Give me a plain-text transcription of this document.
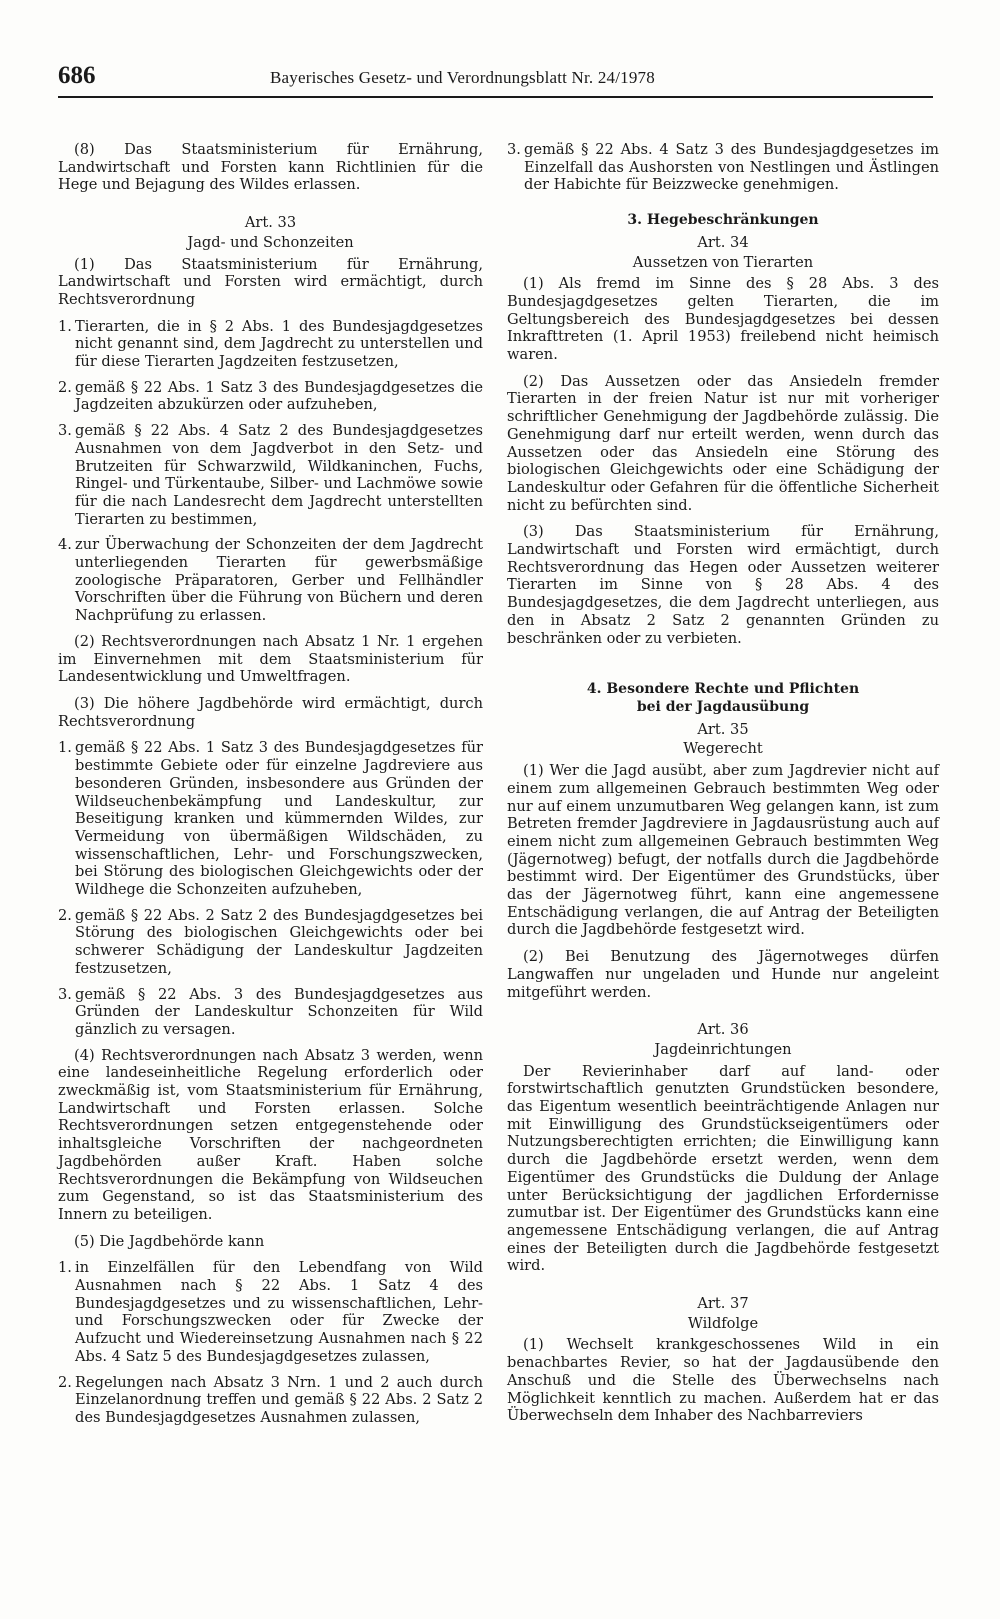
686	Bayerisches Gesetz- und Verordnungsblatt Nr. 24/1978

(8) Das Staatsministerium für Ernährung, Landwirtschaft und Forsten kann Richtlinien für die Hege und Bejagung des Wildes erlassen.

Art. 33
Jagd- und Schonzeiten

(1) Das Staatsministerium für Ernährung, Landwirtschaft und Forsten wird ermächtigt, durch Rechtsverordnung

1. Tierarten, die in § 2 Abs. 1 des Bundesjagdgesetzes nicht genannt sind, dem Jagdrecht zu unterstellen und für diese Tierarten Jagdzeiten festzusetzen,
2. gemäß § 22 Abs. 1 Satz 3 des Bundesjagdgesetzes die Jagdzeiten abzukürzen oder aufzuheben,
3. gemäß § 22 Abs. 4 Satz 2 des Bundesjagdgesetzes Ausnahmen von dem Jagdverbot in den Setz- und Brutzeiten für Schwarzwild, Wildkaninchen, Fuchs, Ringel- und Türkentaube, Silber- und Lachmöwe sowie für die nach Landesrecht dem Jagdrecht unterstellten Tierarten zu bestimmen,
4. zur Überwachung der Schonzeiten der dem Jagdrecht unterliegenden Tierarten für gewerbsmäßige zoologische Präparatoren, Gerber und Fellhändler Vorschriften über die Führung von Büchern und deren Nachprüfung zu erlassen.

(2) Rechtsverordnungen nach Absatz 1 Nr. 1 ergehen im Einvernehmen mit dem Staatsministerium für Landesentwicklung und Umweltfragen.

(3) Die höhere Jagdbehörde wird ermächtigt, durch Rechtsverordnung

1. gemäß § 22 Abs. 1 Satz 3 des Bundesjagdgesetzes für bestimmte Gebiete oder für einzelne Jagdreviere aus besonderen Gründen, insbesondere aus Gründen der Wildseuchenbekämpfung und Landeskultur, zur Beseitigung kranken und kümmernden Wildes, zur Vermeidung von übermäßigen Wildschäden, zu wissenschaftlichen, Lehr- und Forschungszwecken, bei Störung des biologischen Gleichgewichts oder der Wildhege die Schonzeiten aufzuheben,
2. gemäß § 22 Abs. 2 Satz 2 des Bundesjagdgesetzes bei Störung des biologischen Gleichgewichts oder bei schwerer Schädigung der Landeskultur Jagdzeiten festzusetzen,
3. gemäß § 22 Abs. 3 des Bundesjagdgesetzes aus Gründen der Landeskultur Schonzeiten für Wild gänzlich zu versagen.

(4) Rechtsverordnungen nach Absatz 3 werden, wenn eine landeseinheitliche Regelung erforderlich oder zweckmäßig ist, vom Staatsministerium für Ernährung, Landwirtschaft und Forsten erlassen. Solche Rechtsverordnungen setzen entgegenstehende oder inhaltsgleiche Vorschriften der nachgeordneten Jagdbehörden außer Kraft. Haben solche Rechtsverordnungen die Bekämpfung von Wildseuchen zum Gegenstand, so ist das Staatsministerium des Innern zu beteiligen.

(5) Die Jagdbehörde kann

1. in Einzelfällen für den Lebendfang von Wild Ausnahmen nach § 22 Abs. 1 Satz 4 des Bundesjagdgesetzes und zu wissenschaftlichen, Lehr- und Forschungszwecken oder für Zwecke der Aufzucht und Wiedereinsetzung Ausnahmen nach § 22 Abs. 4 Satz 5 des Bundesjagdgesetzes zulassen,
2. Regelungen nach Absatz 3 Nrn. 1 und 2 auch durch Einzelanordnung treffen und gemäß § 22 Abs. 2 Satz 2 des Bundesjagdgesetzes Ausnahmen zulassen,
3. gemäß § 22 Abs. 4 Satz 3 des Bundesjagdgesetzes im Einzelfall das Aushorsten von Nestlingen und Ästlingen der Habichte für Beizzwecke genehmigen.
3. Hegebeschränkungen
Art. 34
Aussetzen von Tierarten

(1) Als fremd im Sinne des § 28 Abs. 3 des Bundesjagdgesetzes gelten Tierarten, die im Geltungsbereich des Bundesjagdgesetzes bei dessen Inkrafttreten (1. April 1953) freilebend nicht heimisch waren.

(2) Das Aussetzen oder das Ansiedeln fremder Tierarten in der freien Natur ist nur mit vorheriger schriftlicher Genehmigung der Jagdbehörde zulässig. Die Genehmigung darf nur erteilt werden, wenn durch das Aussetzen oder das Ansiedeln eine Störung des biologischen Gleichgewichts oder eine Schädigung der Landeskultur oder Gefahren für die öffentliche Sicherheit nicht zu befürchten sind.

(3) Das Staatsministerium für Ernährung, Landwirtschaft und Forsten wird ermächtigt, durch Rechtsverordnung das Hegen oder Aussetzen weiterer Tierarten im Sinne von § 28 Abs. 4 des Bundesjagdgesetzes, die dem Jagdrecht unterliegen, aus den in Absatz 2 Satz 2 genannten Gründen zu beschränken oder zu verbieten.

4. Besondere Rechte und Pflichten
bei der Jagdausübung
Art. 35
Wegerecht

(1) Wer die Jagd ausübt, aber zum Jagdrevier nicht auf einem zum allgemeinen Gebrauch bestimmten Weg oder nur auf einem unzumutbaren Weg gelangen kann, ist zum Betreten fremder Jagdreviere in Jagdausrüstung auch auf einem nicht zum allgemeinen Gebrauch bestimmten Weg (Jägernotweg) befugt, der notfalls durch die Jagdbehörde bestimmt wird. Der Eigentümer des Grundstücks, über das der Jägernotweg führt, kann eine angemessene Entschädigung verlangen, die auf Antrag der Beteiligten durch die Jagdbehörde festgesetzt wird.

(2) Bei Benutzung des Jägernotweges dürfen Langwaffen nur ungeladen und Hunde nur angeleint mitgeführt werden.

Art. 36
Jagdeinrichtungen

Der Revierinhaber darf auf land- oder forstwirtschaftlich genutzten Grundstücken besondere, das Eigentum wesentlich beeinträchtigende Anlagen nur mit Einwilligung des Grundstückseigentümers oder Nutzungsberechtigten errichten; die Einwilligung kann durch die Jagdbehörde ersetzt werden, wenn dem Eigentümer des Grundstücks die Duldung der Anlage unter Berücksichtigung der jagdlichen Erfordernisse zumutbar ist. Der Eigentümer des Grundstücks kann eine angemessene Entschädigung verlangen, die auf Antrag eines der Beteiligten durch die Jagdbehörde festgesetzt wird.

Art. 37
Wildfolge

(1) Wechselt krankgeschossenes Wild in ein benachbartes Revier, so hat der Jagdausübende den Anschuß und die Stelle des Überwechselns nach Möglichkeit kenntlich zu machen. Außerdem hat er das Überwechseln dem Inhaber des Nachbarreviers
